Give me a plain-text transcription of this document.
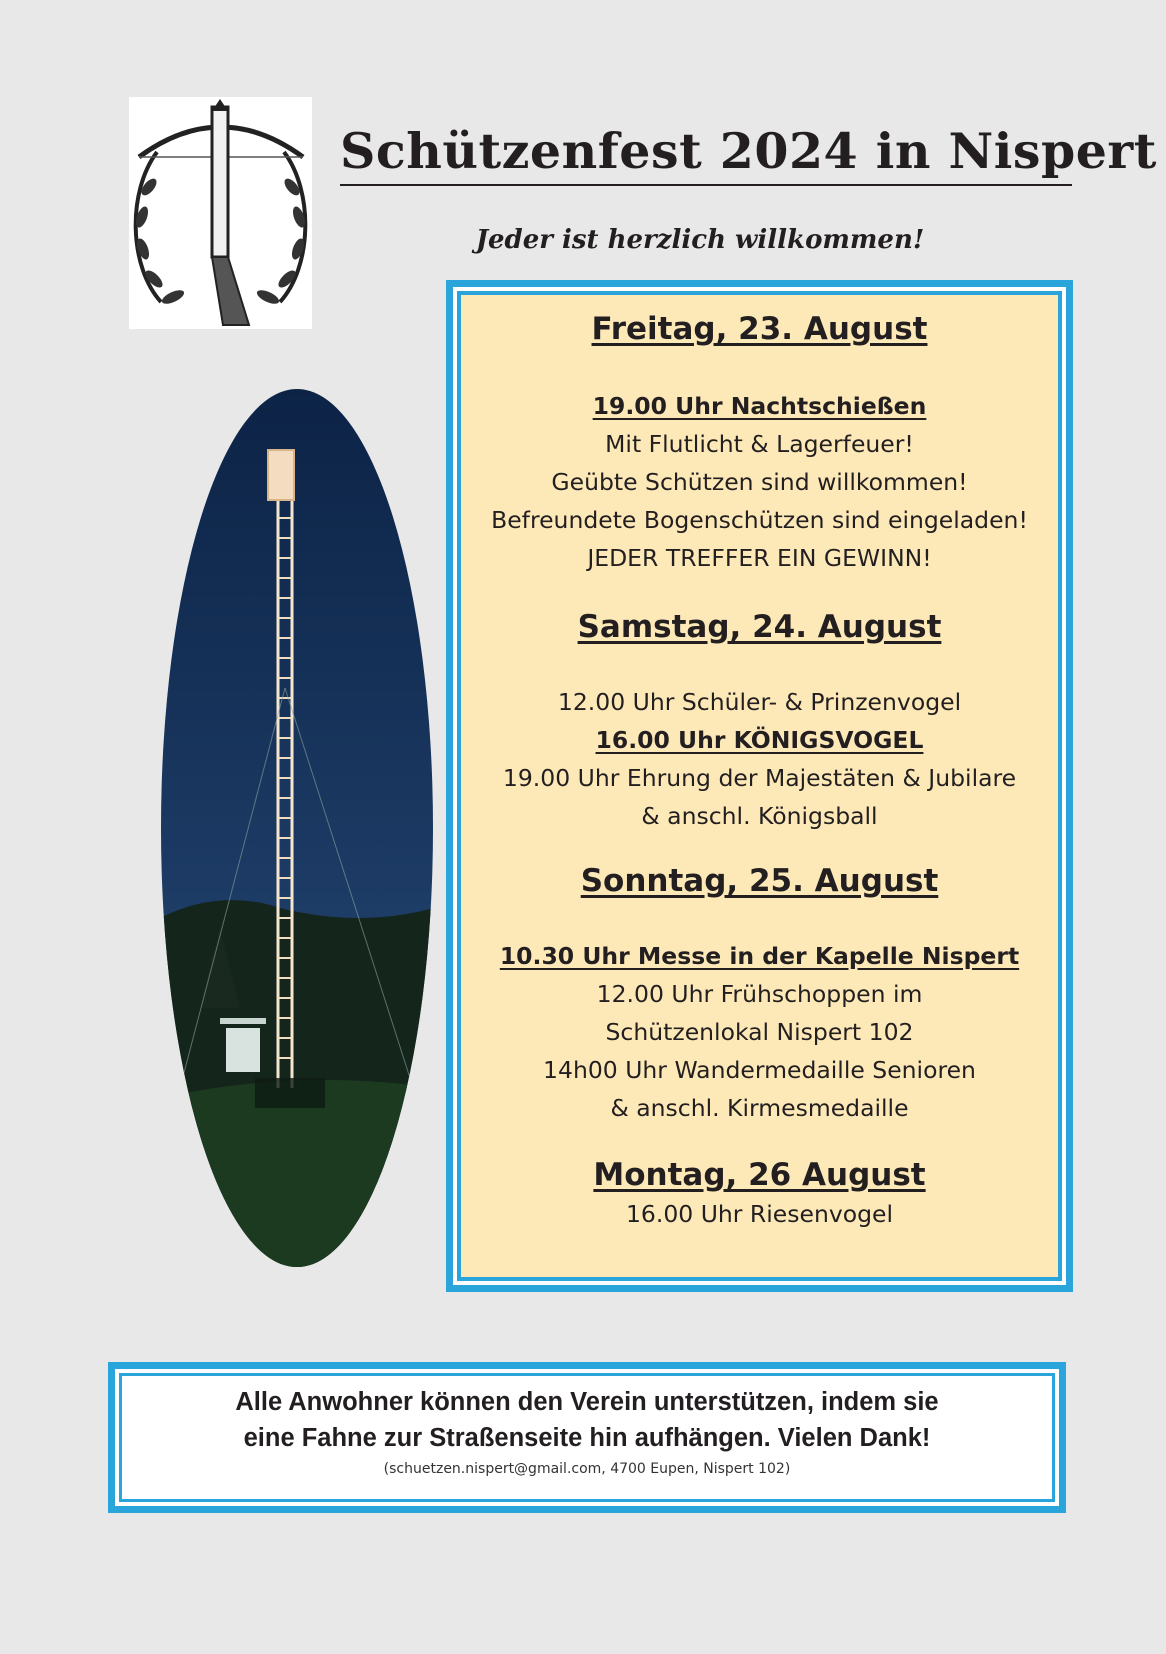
Schützenfest 2024 in Nispert
Jeder ist herzlich willkommen!
Freitag, 23. August
19.00 Uhr Nachtschießen
Mit Flutlicht & Lagerfeuer!
Geübte Schützen sind willkommen!
Befreundete Bogenschützen sind eingeladen!
JEDER TREFFER EIN GEWINN!
Samstag, 24. August
12.00 Uhr Schüler- & Prinzenvogel
16.00 Uhr KÖNIGSVOGEL
19.00 Uhr Ehrung der Majestäten & Jubilare
& anschl. Königsball
Sonntag, 25. August
10.30 Uhr Messe in der Kapelle Nispert
12.00 Uhr Frühschoppen im
Schützenlokal Nispert 102
14h00 Uhr Wandermedaille Senioren
& anschl. Kirmesmedaille
Montag, 26 August
16.00 Uhr Riesenvogel
Alle Anwohner können den Verein unterstützen, indem sie
eine Fahne zur Straßenseite hin aufhängen. Vielen Dank!
(schuetzen.nispert@gmail.com, 4700 Eupen, Nispert 102)
